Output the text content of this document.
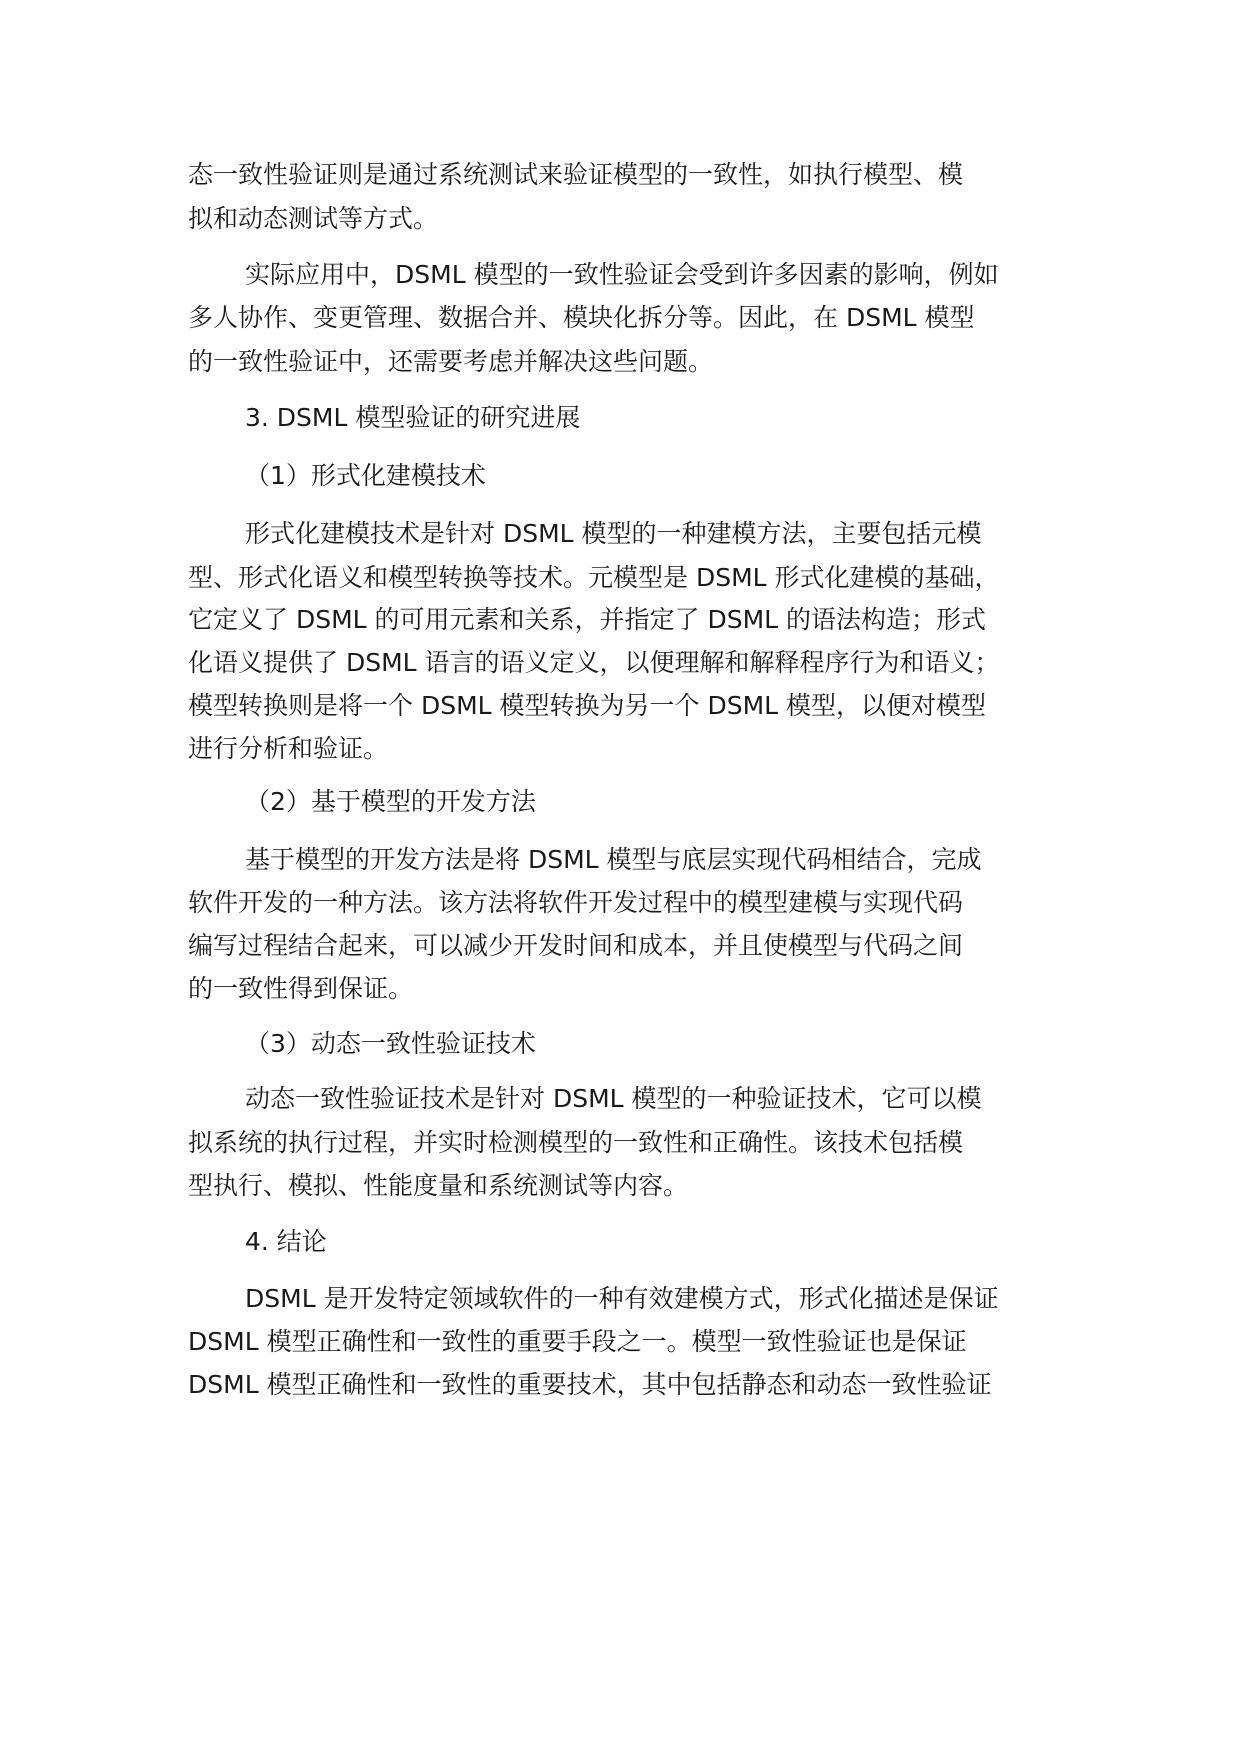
态一致性验证则是通过系统测试来验证模型的一致性，如执行模型、模
拟和动态测试等方式。
实际应用中，DSML 模型的一致性验证会受到许多因素的影响，例如
多人协作、变更管理、数据合并、模块化拆分等。因此，在 DSML 模型
的一致性验证中，还需要考虑并解决这些问题。
3. DSML 模型验证的研究进展
（1）形式化建模技术
形式化建模技术是针对 DSML 模型的一种建模方法，主要包括元模
型、形式化语义和模型转换等技术。元模型是 DSML 形式化建模的基础，
它定义了 DSML 的可用元素和关系，并指定了 DSML 的语法构造；形式
化语义提供了 DSML 语言的语义定义，以便理解和解释程序行为和语义；
模型转换则是将一个 DSML 模型转换为另一个 DSML 模型，以便对模型
进行分析和验证。
（2）基于模型的开发方法
基于模型的开发方法是将 DSML 模型与底层实现代码相结合，完成
软件开发的一种方法。该方法将软件开发过程中的模型建模与实现代码
编写过程结合起来，可以减少开发时间和成本，并且使模型与代码之间
的一致性得到保证。
（3）动态一致性验证技术
动态一致性验证技术是针对 DSML 模型的一种验证技术，它可以模
拟系统的执行过程，并实时检测模型的一致性和正确性。该技术包括模
型执行、模拟、性能度量和系统测试等内容。
4. 结论
DSML 是开发特定领域软件的一种有效建模方式，形式化描述是保证
DSML 模型正确性和一致性的重要手段之一。模型一致性验证也是保证
DSML 模型正确性和一致性的重要技术，其中包括静态和动态一致性验证
